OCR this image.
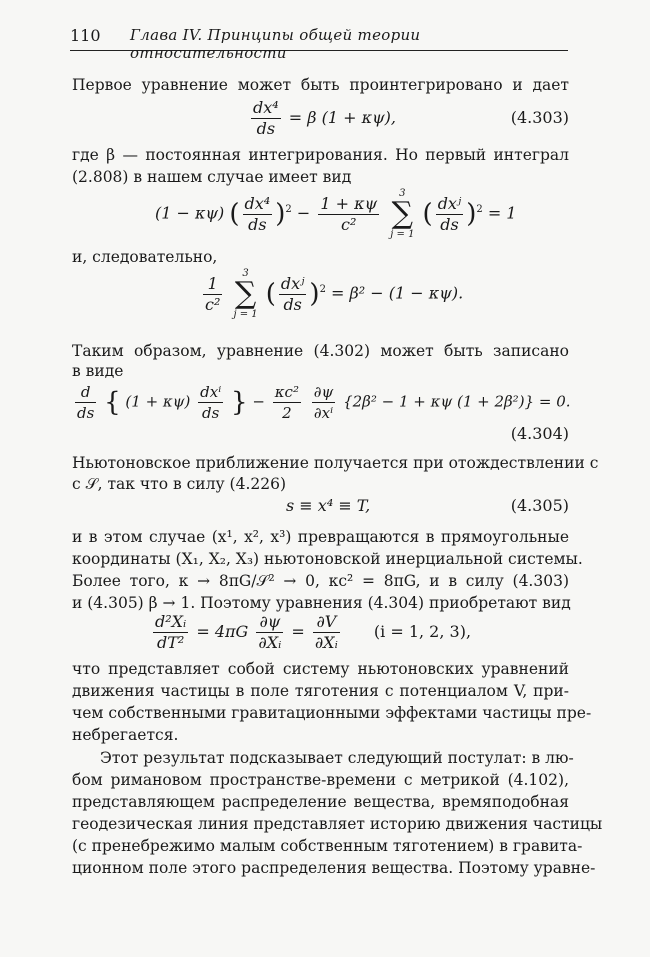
110 Глава IV. Принципы общей теории относительности
Первое уравнение может быть проинтегрировано и дает
$\frac{\text{dx⁴}}{ds} = \beta$ (1 + κψ),	(4.303)
где β — постоянная интегрирования. Но первый интеграл
(2.808) в нашем случае имеет вид
(1 − κψ) ( $\frac{\text{dx⁴}}{ds} )^2 - \frac{1 + \kappa\psi}{\text{c²}}$
	3
∑
j = 1
( $\frac{\text{dxʲ}}{ds} )^2 = 1$
и, следовательно,
$\frac{1}{\text{c²}}$
	3
∑
j = 1
( $\frac{\text{dxʲ}}{ds} )^2 = \beta^2 - (1 - \kappa\psi)$.
Таким образом, уравнение (4.302) может быть записано
в виде
$\frac{d}{ds}$ { $(1 + \kappa\psi) \frac{\text{dxⁱ}}{ds}$ } − $\frac{\text{κc²}}{2}$
$\frac{\partial\psi}{\text{∂xⁱ}} \{2\beta^2 - 1 + \kappa\psi$ (1 + 2β²)} = 0.
(4.304)
Ньютоновское приближение получается при отождествлении c
с 𝒮, так что в силу (4.226)
s ≡ x⁴ ≡ T,	(4.305)
и в этом случае (x¹, x², x³) превращаются в прямоугольные
координаты (X₁, X₂, X₃) ньютоновской инерциальной системы.
Более того, κ → 8πG/𝒮² → 0, κc² = 8πG, и в силу (4.303)
и (4.305) β → 1. Поэтому уравнения (4.304) приобретают вид
$\frac{\text{d²Xᵢ}}{\text{dT²}} = 4\pi G \frac{\partial\psi}{\text{∂Xᵢ}} = \frac{\partial V}{\text{∂Xᵢ}} (i = 1$, 2, 3),
что представляет собой систему ньютоновских уравнений
движения частицы в поле тяготения с потенциалом V, при-
чем собственными гравитационными эффектами частицы пре-
небрегается.
Этот результат подсказывает следующий постулат: в лю-
бом римановом пространстве-времени с метрикой (4.102),
представляющем распределение вещества, времяподобная
геодезическая линия представляет историю движения частицы
(с пренебрежимо малым собственным тяготением) в гравита-
ционном поле этого распределения вещества. Поэтому уравне-
